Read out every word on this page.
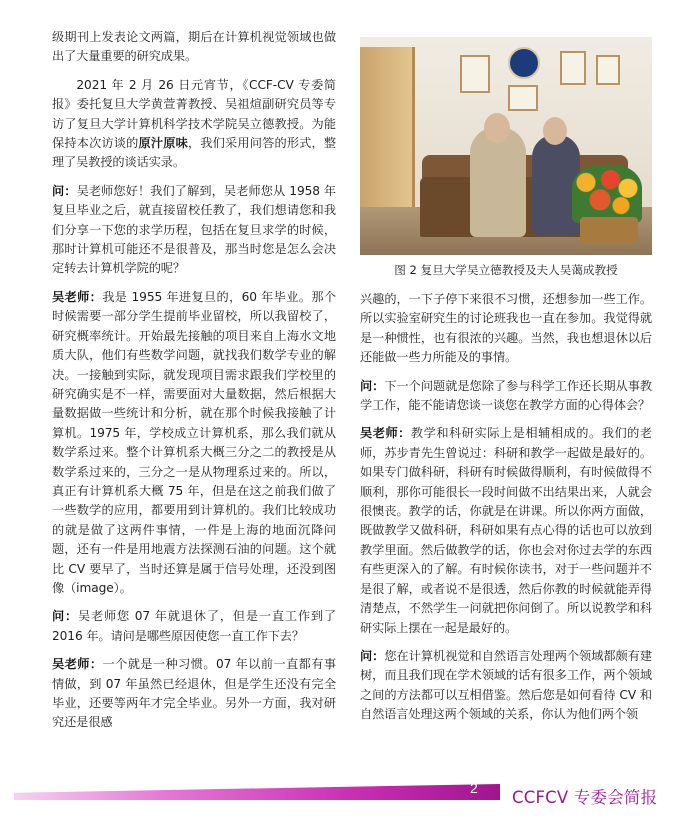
级期刊上发表论文两篇，期后在计算机视觉领域也做出了大量重要的研究成果。

2021 年 2 月 26 日元宵节，《CCF-CV 专委简报》委托复旦大学黄萱菁教授、吴祖煊副研究员等专访了复旦大学计算机科学技术学院吴立德教授。为能保持本次访谈的原汁原味，我们采用问答的形式，整理了吴教授的谈话实录。

问：吴老师您好！我们了解到，吴老师您从 1958 年复旦毕业之后，就直接留校任教了，我们想请您和我们分享一下您的求学历程，包括在复旦求学的时候，那时计算机可能还不是很普及，那当时您是怎么会决定转去计算机学院的呢？

吴老师：我是 1955 年进复旦的，60 年毕业。那个时候需要一部分学生提前毕业留校，所以我留校了，研究概率统计。开始最先接触的项目来自上海水文地质大队，他们有些数学问题，就找我们数学专业的解决。一接触到实际，就发现项目需求跟我们学校里的研究确实是不一样，需要面对大量数据，然后根据大量数据做一些统计和分析，就在那个时候我接触了计算机。1975 年，学校成立计算机系，那么我们就从数学系过来。整个计算机系大概三分之二的教授是从数学系过来的，三分之一是从物理系过来的。所以，真正有计算机系大概 75 年，但是在这之前我们做了一些数学的应用，都要用到计算机的。我们比较成功的就是做了这两件事情，一件是上海的地面沉降问题，还有一件是用地震方法探测石油的问题。这个就比 CV 要早了，当时还算是属于信号处理，还没到图像（image）。

问：吴老师您 07 年就退休了，但是一直工作到了 2016 年。请问是哪些原因使您一直工作下去？

吴老师：一个就是一种习惯。07 年以前一直都有事情做，到 07 年虽然已经退休，但是学生还没有完全毕业，还要等两年才完全毕业。另外一方面，我对研究还是很感

图 2 复旦大学吴立德教授及夫人吴蔼成教授

兴趣的，一下子停下来很不习惯，还想参加一些工作。所以实验室研究生的讨论班我也一直在参加。我觉得就是一种惯性，也有很浓的兴趣。当然，我也想退休以后还能做一些力所能及的事情。

问：下一个问题就是您除了参与科学工作还长期从事教学工作，能不能请您谈一谈您在教学方面的心得体会？

吴老师：教学和科研实际上是相辅相成的。我们的老师，苏步青先生曾说过：科研和教学一起做是最好的。如果专门做科研，科研有时候做得顺利，有时候做得不顺利，那你可能很长一段时间做不出结果出来，人就会很懊丧。教学的话，你就是在讲课。所以你两方面做，既做教学又做科研，科研如果有点心得的话也可以放到教学里面。然后做教学的话，你也会对你过去学的东西有些更深入的了解。有时候你读书，对于一些问题并不是很了解，或者说不是很透，然后你教的时候就能弄得清楚点，不然学生一问就把你问倒了。所以说教学和科研实际上摆在一起是最好的。

问：您在计算机视觉和自然语言处理两个领域都颇有建树，而且我们现在学术领域的话有很多工作，两个领域之间的方法都可以互相借鉴。然后您是如何看待 CV 和自然语言处理这两个领域的关系，你认为他们两个领

2 CCFCV 专委会简报
